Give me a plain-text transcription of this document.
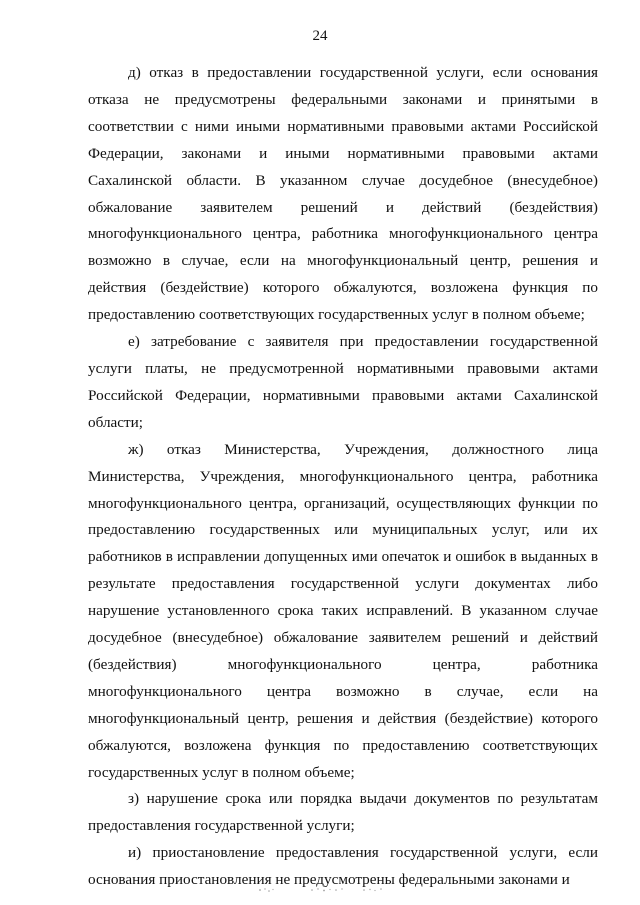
24

д) отказ в предоставлении государственной услуги, если основания отказа не предусмотрены федеральными законами и принятыми в соответствии с ними иными нормативными правовыми актами Российской Федерации, законами и иными нормативными правовыми актами Сахалинской области. В указанном случае досудебное (внесудебное) обжалование заявителем решений и действий (бездействия) многофункционального центра, работника многофункционального центра возможно в случае, если на многофункциональный центр, решения и действия (бездействие) которого обжалуются, возложена функция по предоставлению соответствующих государственных услуг в полном объеме;

е) затребование с заявителя при предоставлении государственной услуги платы, не предусмотренной нормативными правовыми актами Российской Федерации, нормативными правовыми актами Сахалинской области;

ж) отказ Министерства, Учреждения, должностного лица Министерства, Учреждения, многофункционального центра, работника многофункционального центра, организаций, осуществляющих функции по предоставлению государственных или муниципальных услуг, или их работников в исправлении допущенных ими опечаток и ошибок в выданных в результате предоставления государственной услуги документах либо нарушение установленного срока таких исправлений. В указанном случае досудебное (внесудебное) обжалование заявителем решений и действий (бездействия) многофункционального центра, работника многофункционального центра возможно в случае, если на многофункциональный центр, решения и действия (бездействие) которого обжалуются, возложена функция по предоставлению соответствующих государственных услуг в полном объеме;

з) нарушение срока или порядка выдачи документов по результатам предоставления государственной услуги;

и) приостановление предоставления государственной услуги, если основания приостановления не предусмотрены федеральными законами и
